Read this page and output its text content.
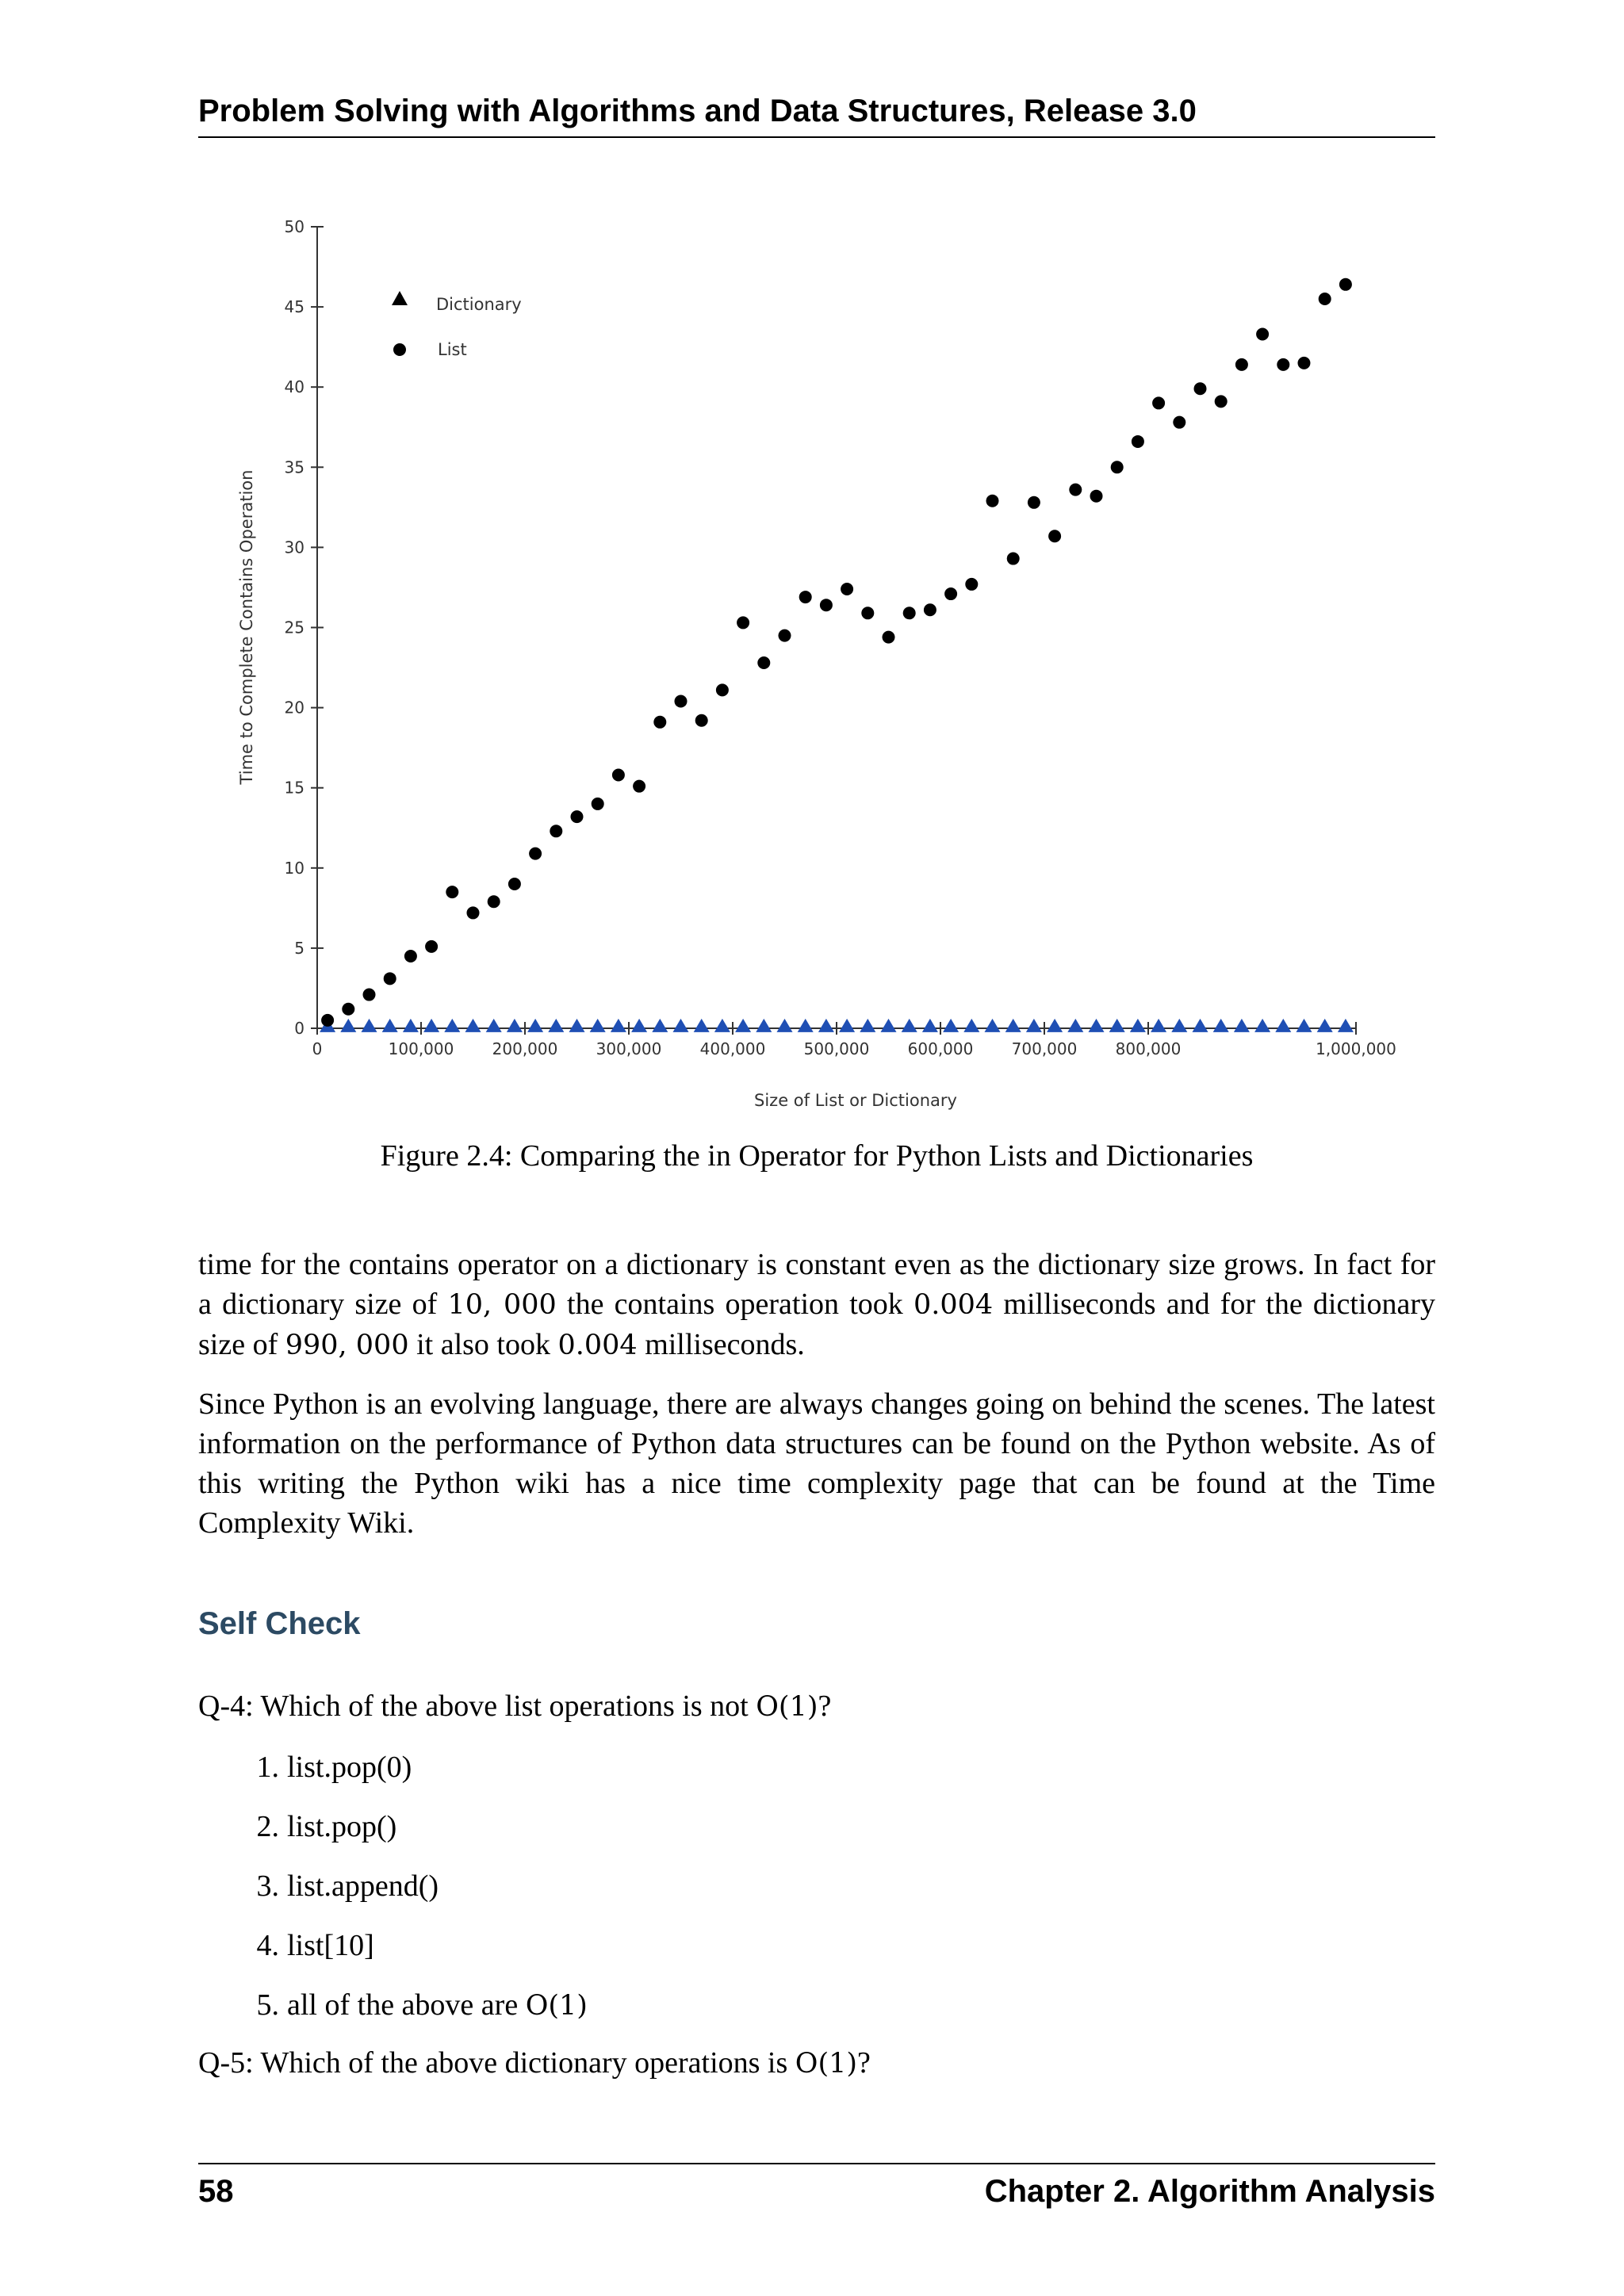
Problem Solving with Algorithms and Data Structures, Release 3.0
0
5
10
15
20
25
30
35
40
45
50
0	100,000 200,000 300,000 400,000 500,000 600,000 700,000 800,000	1,000,000
Dictionary
List
Size of List or Dictionary
Time to Complete Contains Operation
Figure 2.4: Comparing the in Operator for Python Lists and Dictionaries

time for the contains operator on a dictionary is constant even as the dictionary size grows. In fact for a dictionary size of 10, 000 the contains operation took 0.004 milliseconds and for the dictionary size of 990, 000 it also took 0.004 milliseconds.

Since Python is an evolving language, there are always changes going on behind the scenes. The latest information on the performance of Python data structures can be found on the Python website. As of this writing the Python wiki has a nice time complexity page that can be found at the Time Complexity Wiki.

Self Check
Q-4: Which of the above list operations is not O(1)?
1. list.pop(0)
2. list.pop()
3. list.append()
4. list[10]
5. all of the above are O(1)
Q-5: Which of the above dictionary operations is O(1)?
58	Chapter 2. Algorithm Analysis
